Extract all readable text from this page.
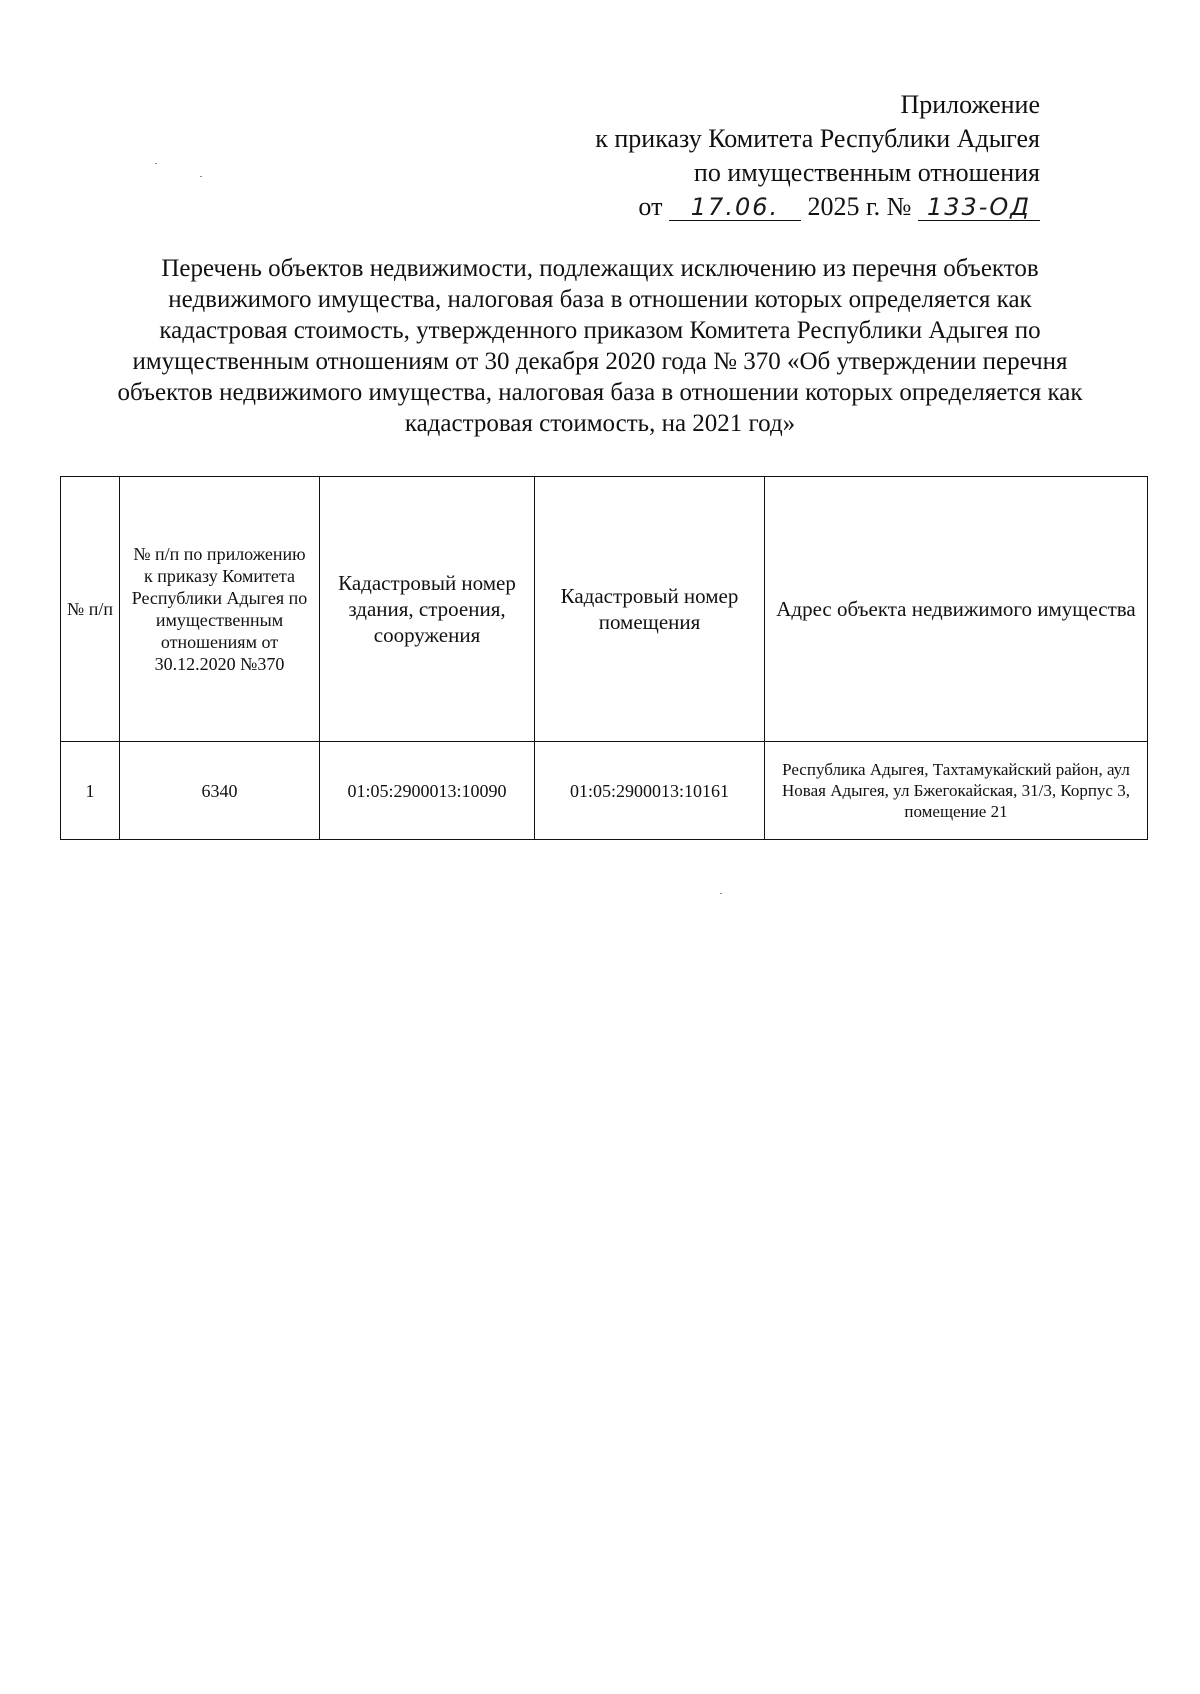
Приложение
к приказу Комитета Республики Адыгея
по имущественным отношения
от 17.06. 2025 г. № 133-ОД
Перечень объектов недвижимости, подлежащих исключению из перечня объектов
недвижимого имущества, налоговая база в отношении которых определяется как
кадастровая стоимость, утвержденного приказом Комитета Республики Адыгея по
имущественным отношениям от 30 декабря 2020 года № 370 «Об утверждении перечня
объектов недвижимого имущества, налоговая база в отношении которых определяется как
кадастровая стоимость, на 2021 год»
№ п/п	№ п/п по приложению к приказу Комитета Республики Адыгея по имущественным отношениям от 30.12.2020 №370	Кадастровый номер здания, строения, сооружения	Кадастровый номер помещения	Адрес объекта недвижимого имущества
1	6340	01:05:2900013:10090	01:05:2900013:10161	Республика Адыгея, Тахтамукайский район, аул Новая Адыгея, ул Бжегокайская, 31/3, Корпус 3, помещение 21
